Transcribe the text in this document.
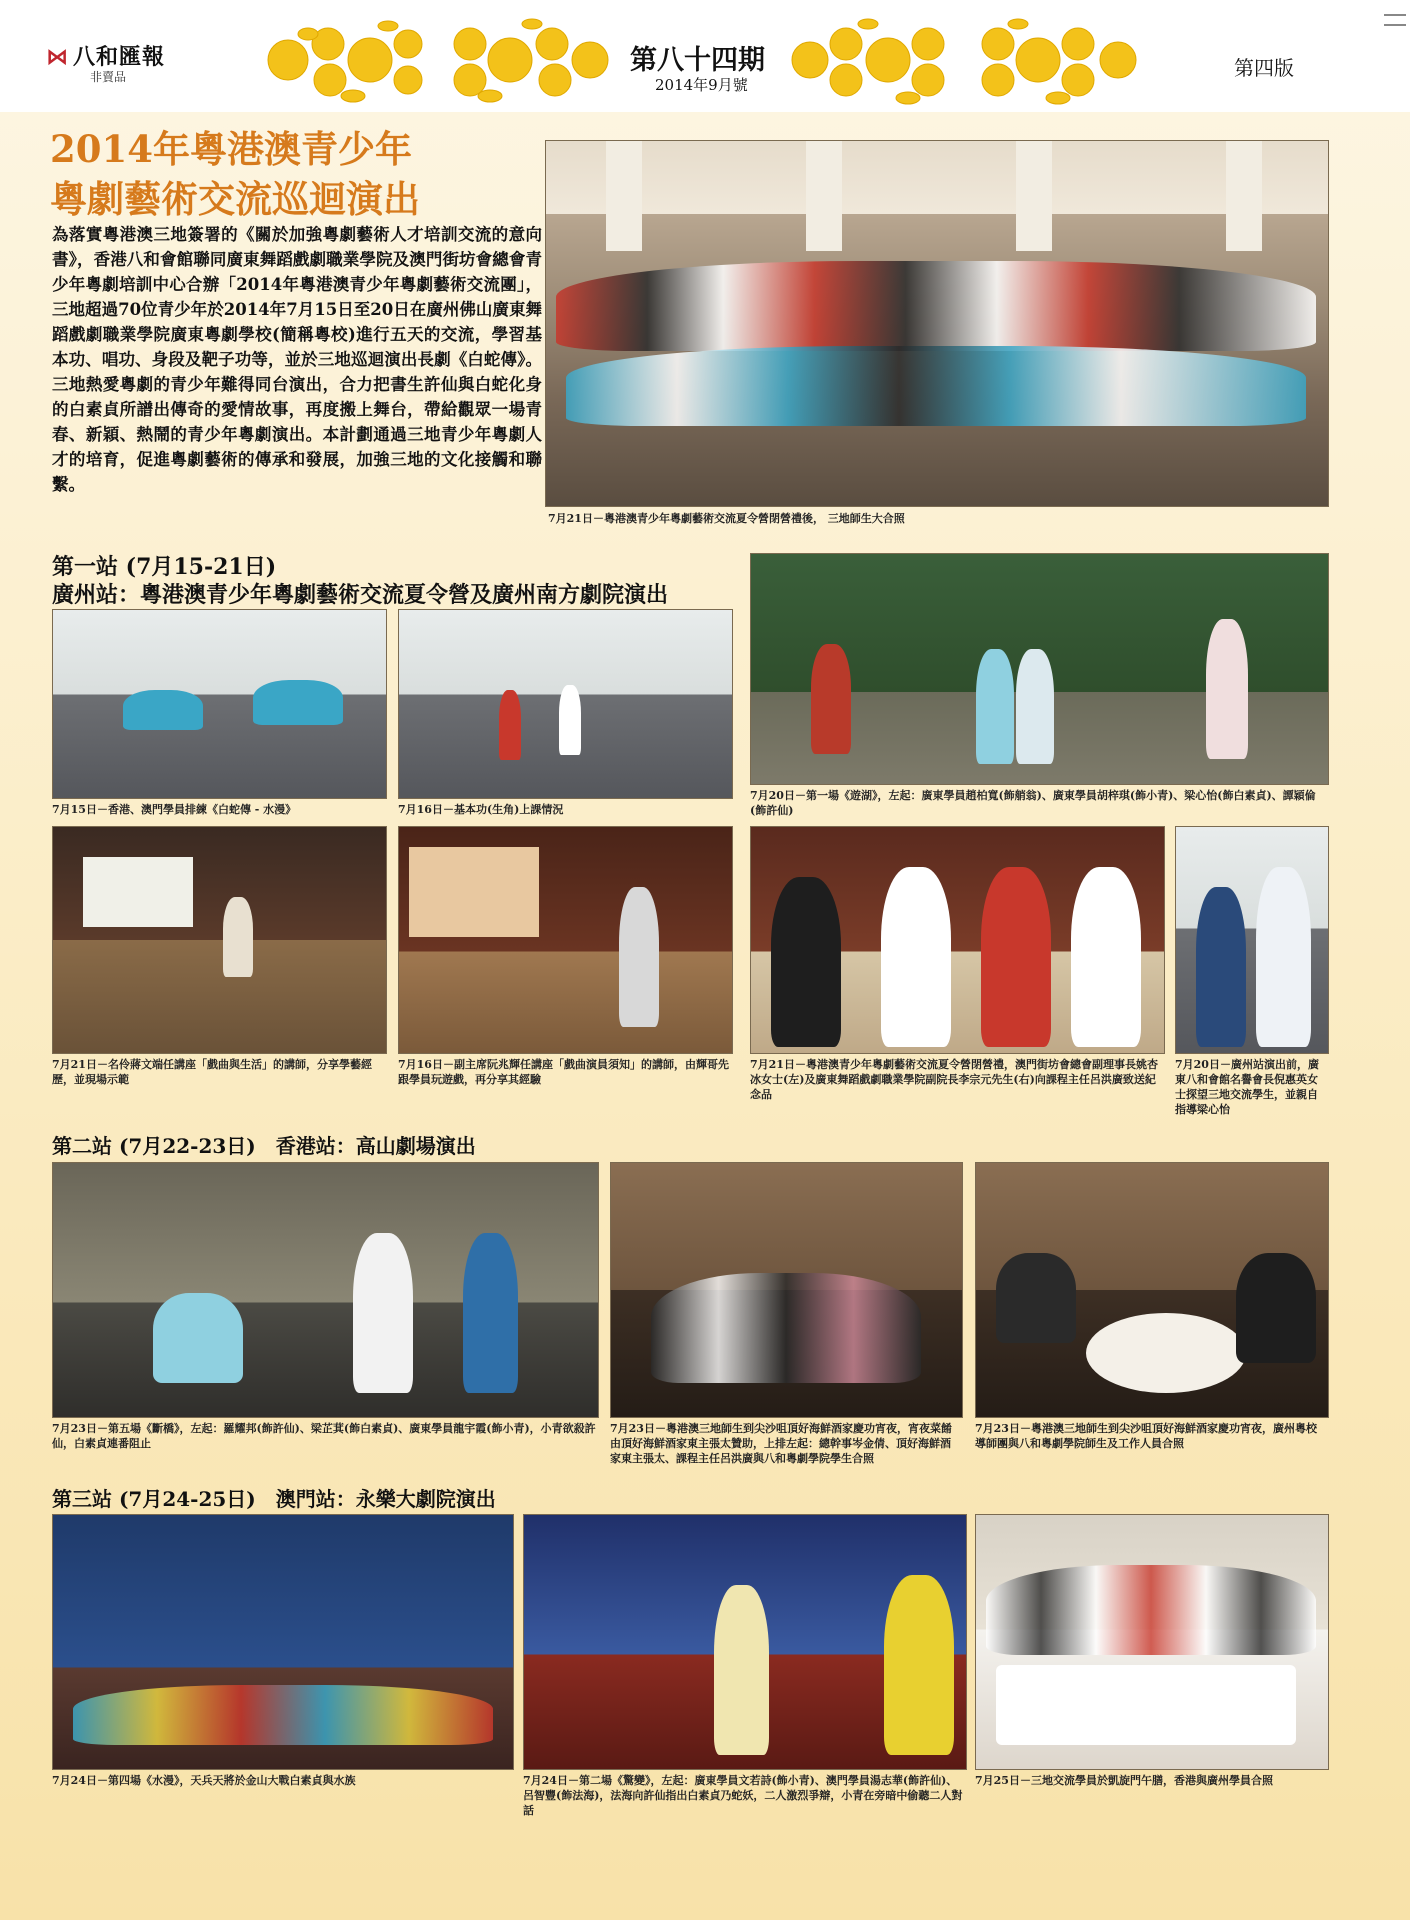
⋈ 八和匯報
非賣品
第八十四期
2014年9月號
第四版
2014年粵港澳青少年
粵劇藝術交流巡迴演出
為落實粵港澳三地簽署的《關於加強粵劇藝術人才培訓交流的意向書》，香港八和會館聯同廣東舞蹈戲劇職業學院及澳門街坊會總會青少年粵劇培訓中心合辦「2014年粵港澳青少年粵劇藝術交流團」，三地超過70位青少年於2014年7月15日至20日在廣州佛山廣東舞蹈戲劇職業學院廣東粵劇學校(簡稱粵校)進行五天的交流，學習基本功、唱功、身段及靶子功等，並於三地巡迴演出長劇《白蛇傳》。三地熱愛粵劇的青少年難得同台演出，合力把書生許仙與白蛇化身的白素貞所譜出傳奇的愛情故事，再度搬上舞台，帶給觀眾一場青春、新穎、熱鬧的青少年粵劇演出。本計劃通過三地青少年粵劇人才的培育，促進粵劇藝術的傳承和發展，加強三地的文化接觸和聯繫。
7月21日－粵港澳青少年粵劇藝術交流夏令營閉營禮後， 三地師生大合照
第一站 (7月15-21日)
廣州站：粵港澳青少年粵劇藝術交流夏令營及廣州南方劇院演出
7月15日－香港、澳門學員排練《白蛇傳 - 水漫》	7月16日－基本功(生角)上課情況
7月20日－第一場《遊湖》，左起：廣東學員趙柏寬(飾艄翁)、廣東學員胡梓琪(飾小青)、梁心怡(飾白素貞)、譚穎倫(飾許仙)
7月21日－名伶蔣文端任講座「戲曲與生活」的講師，分享學藝經歷，並現場示範
7月16日－副主席阮兆輝任講座「戲曲演員須知」的講師，由輝哥先跟學員玩遊戲，再分享其經驗
7月21日－粵港澳青少年粵劇藝術交流夏令營閉營禮，澳門街坊會總會副理事長姚杏冰女士(左)及廣東舞蹈戲劇職業學院副院長李宗元先生(右)向課程主任呂洪廣致送紀念品
7月20日－廣州站演出前，廣東八和會館名譽會長倪惠英女士探望三地交流學生，並親自指導梁心怡
第二站 (7月22-23日)　香港站：高山劇場演出
7月23日－第五場《斷橋》，左起：羅耀邦(飾許仙)、梁芷萁(飾白素貞)、廣東學員龍宇霞(飾小青)，小青欲殺許仙，白素貞連番阻止
7月23日－粵港澳三地師生到尖沙咀頂好海鮮酒家慶功宵夜，宵夜菜餚由頂好海鮮酒家東主張太贊助，上排左起：總幹事岑金倩、頂好海鮮酒家東主張太、課程主任呂洪廣與八和粵劇學院學生合照
7月23日－粵港澳三地師生到尖沙咀頂好海鮮酒家慶功宵夜，廣州粵校導師團與八和粵劇學院師生及工作人員合照
第三站 (7月24-25日)　澳門站：永樂大劇院演出
7月24日－第四場《水漫》，天兵天將於金山大戰白素貞與水族	7月24日－第二場《驚變》，左起：廣東學員文若詩(飾小青)、澳門學員湯志華(飾許仙)、呂智豐(飾法海)，法海向許仙指出白素貞乃蛇妖，二人激烈爭辯，小青在旁暗中偷聽二人對話
7月25日－三地交流學員於凱旋門午膳，香港與廣州學員合照
